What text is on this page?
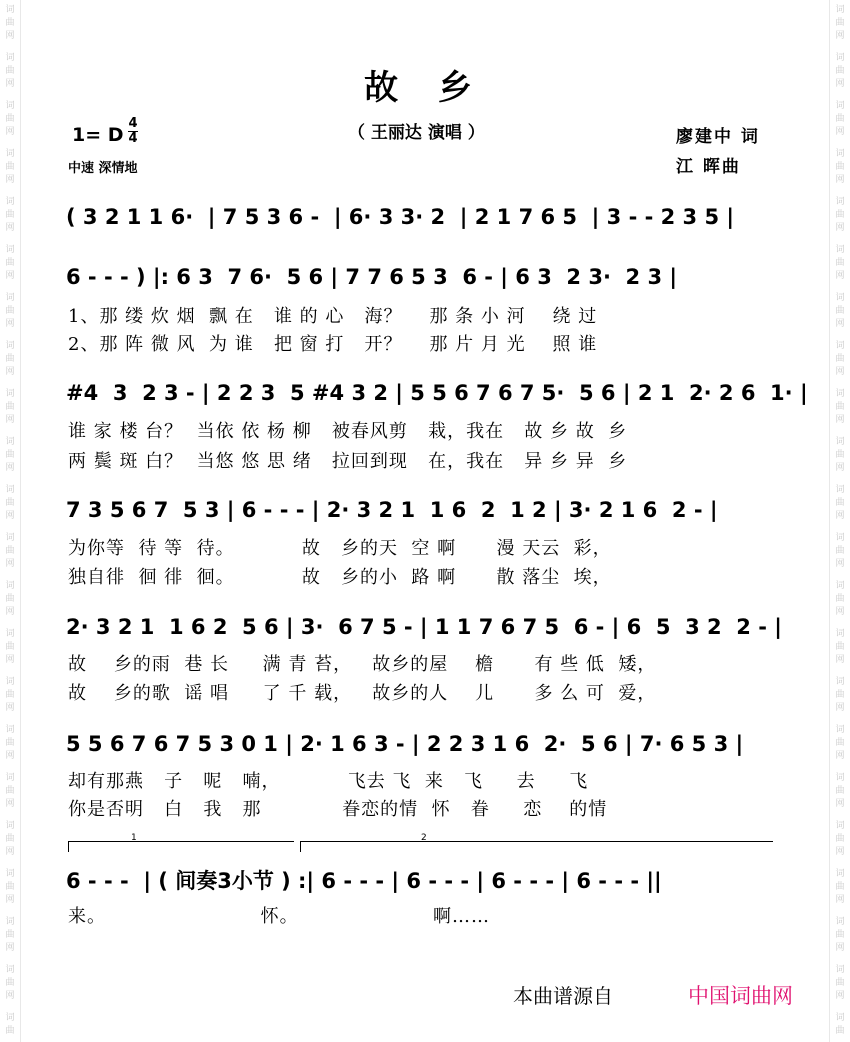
词
曲
网
词
曲
网
词
曲
网
词
曲
网
词
曲
网
词
曲
网
词
曲
网
词
曲
网
词
曲
网
词
曲
网
词
曲
网
词
曲
网
词
曲
网
词
曲
网
词
曲
网
词
曲
网
词
曲
网
词
曲
网
词
曲
网
词
曲
网
词
曲
网
词
曲
词
曲
网
词
曲
网
词
曲
网
词
曲
网
词
曲
网
词
曲
网
词
曲
网
词
曲
网
词
曲
网
词
曲
网
词
曲
网
词
曲
网
词
曲
网
词
曲
网
词
曲
网
词
曲
网
词
曲
网
词
曲
网
词
曲
网
词
曲
网
词
曲
网
词
曲
故 乡
（ 王丽达 演唱 ）
1= D
4
4
中速 深情地
廖建中 词
江 晖曲
( 3 2 1 1 6·  | 7 5 3 6 -  | 6· 3 3· 2  | 2 1 7 6 5  | 3 - - 2 3 5 |
6 - - - ) |: 6 3  7 6·  5 6 | 7 7 6 5 3  6 - | 6 3  2 3·  2 3 |
1、那 缕 炊 烟  飘 在   谁 的 心   海？    那 条 小 河    绕 过
2、那 阵 微 风  为 谁   把 窗 打   开？    那 片 月 光    照 谁
#4  3  2 3 - | 2 2 3  5 #4 3 2 | 5 5 6 7 6 7 5·  5 6 | 2 1  2· 2 6  1· |
谁 家 楼 台？  当依 依 杨 柳   被春风剪   栽，我在   故 乡 故  乡
两 鬓 斑 白？  当悠 悠 思 绪   拉回到现   在，我在   异 乡 异  乡
7 3 5 6 7  5 3 | 6 - - - | 2· 3 2 1  1 6  2  1 2 | 3· 2 1 6  2 - |
为你等  待 等  待。          故   乡的天  空 啊      漫 天云  彩，
独自徘  徊 徘  徊。          故   乡的小  路 啊      散 落尘  埃，
2· 3 2 1  1 6 2  5 6 | 3·  6 7 5 - | 1 1 7 6 7 5  6 - | 6  5  3 2  2 - |
故    乡的雨  巷 长     满 青 苔，   故乡的屋    檐      有 些 低  矮，
故    乡的歌  谣 唱     了 千 载，   故乡的人    儿      多 么 可  爱，
5 5 6 7 6 7 5 3 0 1 | 2· 1 6 3 - | 2 2 3 1 6  2·  5 6 | 7· 6 5 3 |
却有那燕   子   呢   喃，          飞去 飞  来   飞     去     飞
你是否明   白   我   那            眷恋的情  怀   眷     恋    的情
1	2
6 - - -  | ( 间奏3小节 ) :| 6 - - - | 6 - - - | 6 - - - | 6 - - - ||
来。                       怀。                    啊……
本曲谱源自	中国词曲网
